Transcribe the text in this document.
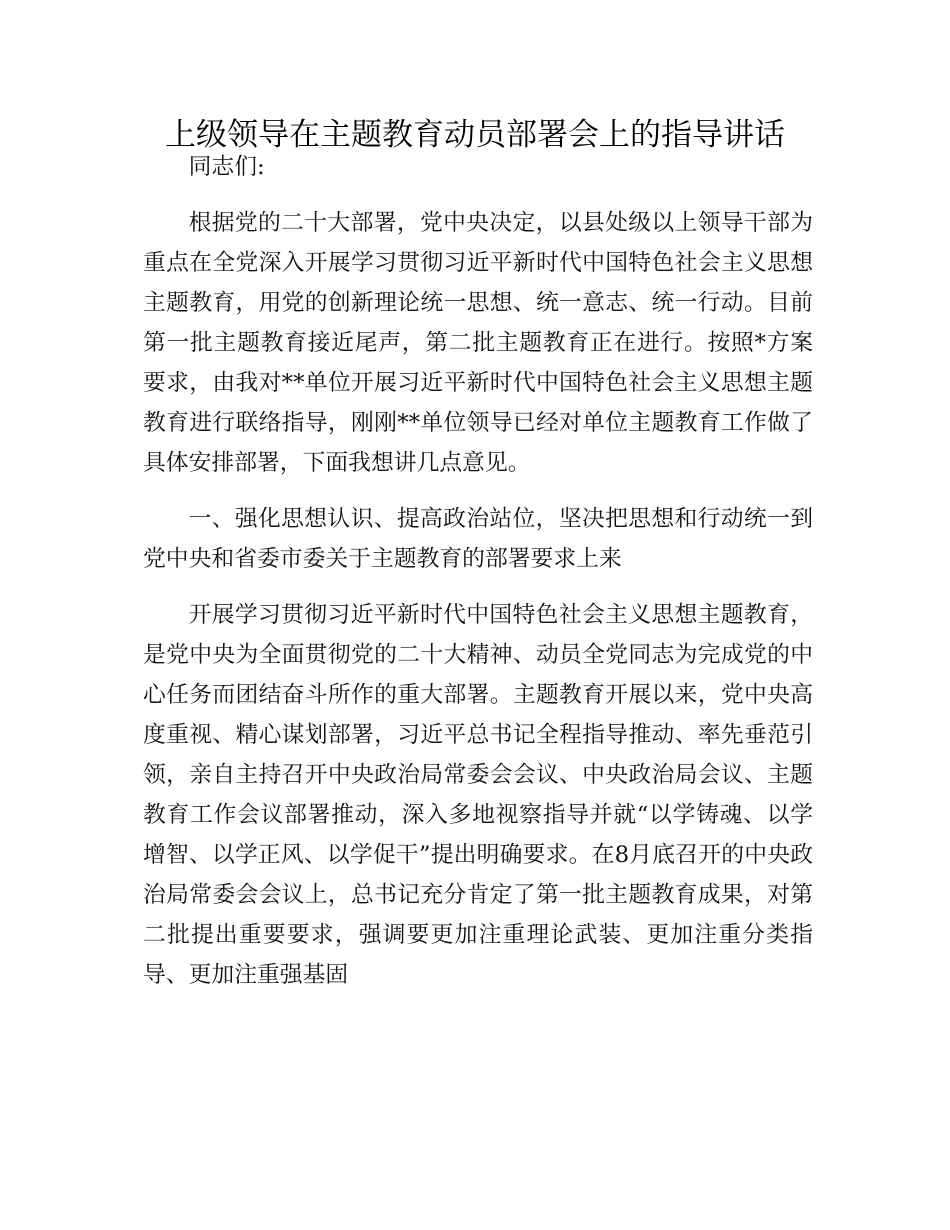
上级领导在主题教育动员部署会上的指导讲话

同志们:

根据党的二十大部署，党中央决定，以县处级以上领导干部为重点在全党深入开展学习贯彻习近平新时代中国特色社会主义思想主题教育，用党的创新理论统一思想、统一意志、统一行动。目前第一批主题教育接近尾声，第二批主题教育正在进行。按照*方案要求，由我对**单位开展习近平新时代中国特色社会主义思想主题教育进行联络指导，刚刚**单位领导已经对单位主题教育工作做了具体安排部署，下面我想讲几点意见。

一、强化思想认识、提高政治站位，坚决把思想和行动统一到党中央和省委市委关于主题教育的部署要求上来

开展学习贯彻习近平新时代中国特色社会主义思想主题教育，是党中央为全面贯彻党的二十大精神、动员全党同志为完成党的中心任务而团结奋斗所作的重大部署。主题教育开展以来，党中央高度重视、精心谋划部署，习近平总书记全程指导推动、率先垂范引领，亲自主持召开中央政治局常委会会议、中央政治局会议、主题教育工作会议部署推动，深入多地视察指导并就“以学铸魂、以学增智、以学正风、以学促干”提出明确要求。在8月底召开的中央政治局常委会会议上，总书记充分肯定了第一批主题教育成果，对第二批提出重要要求，强调要更加注重理论武装、更加注重分类指导、更加注重强基固
